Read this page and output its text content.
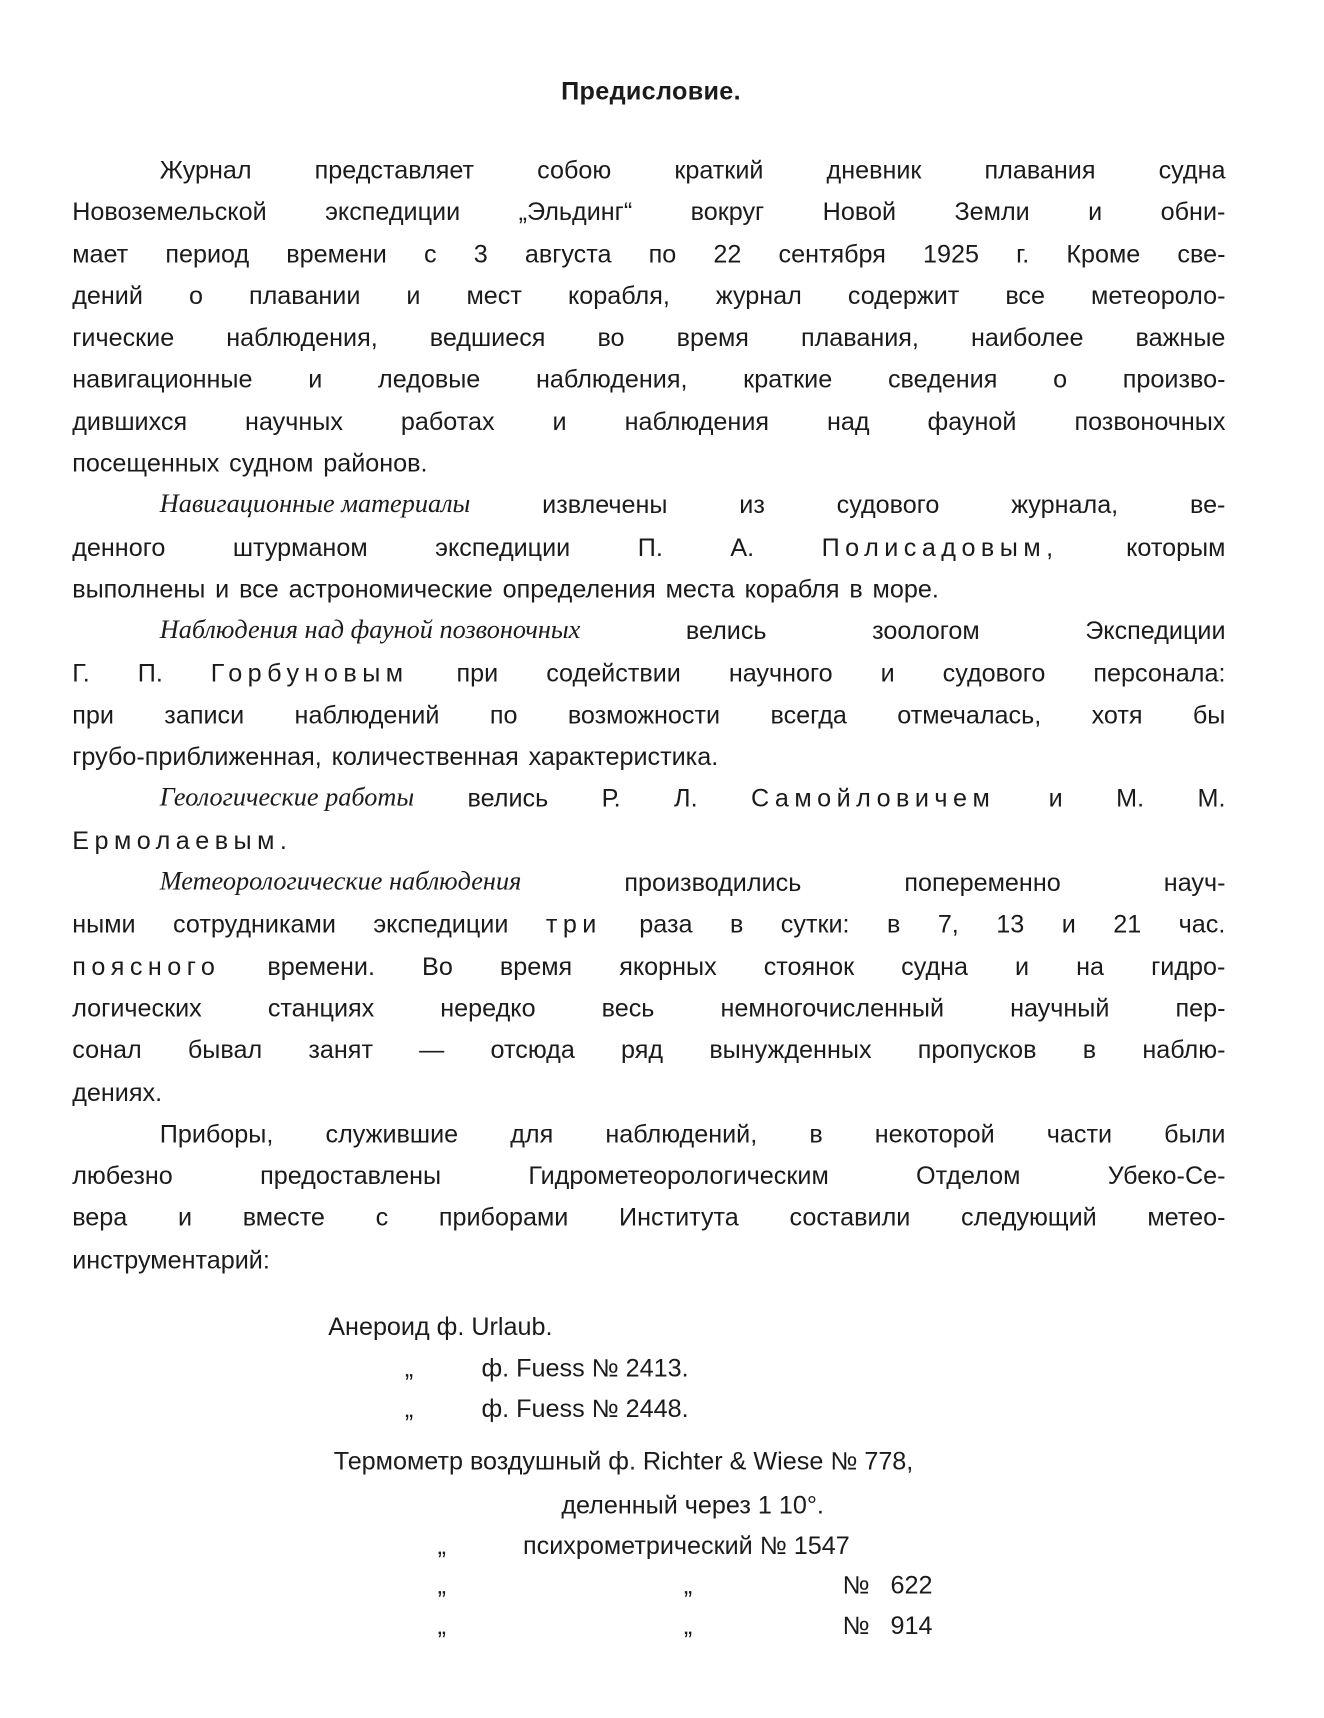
Предисловие.
Журнал	представляет	собою	краткий	дневник	плавания	судна
Новоземельской	экспедиции	„Эльдинг“	вокруг	Новой	Земли	и	обни-
мает период времени с 3 августа по 22 сентября 1925 г. Кроме све-
дений о плавании и мест корабля, журнал содержит все метеороло-
гические наблюдения, ведшиеся во время плавания, наиболее важные
навигационные и ледовые наблюдения, краткие сведения о произво-
дившихся	научных	работах	и	наблюдения	над	фауной	позвоночных
посещенных судном районов.
Навигационные материалы	извлечены	из	судового	журнала,	ве-
денного	штурманом	экспедиции	П.	А.	Полисадовым,	которым
выполнены и все астрономические определения места корабля в море.
Наблюдения над фауной позвоночных	велись	зоологом	Экспедиции
Г. П. Горбуновым при содействии научного и судового персонала:
при записи наблюдений по возможности всегда отмечалась, хотя бы
грубо-приближенная, количественная характеристика.
Геологические работы велись Р. Л. Самойловичем и М. М.
Ермолаевым.
Метеорологические наблюдения	производились	попеременно	науч-
ными сотрудниками экспедиции три раза в сутки: в 7, 13 и 21 час.
поясного времени. Во время якорных стоянок судна и на гидро-
логических	станциях	нередко	весь	немногочисленный	научный	пер-
сонал бывал занят — отсюда ряд вынужденных пропусков в наблю-
дениях.
Приборы, служившие для наблюдений, в некоторой части были
любезно	предоставлены	Гидрометеорологическим	Отделом	Убеко-Се-
вера и вместе с приборами Института составили следующий метео-
инструментарий:
Анероид ф. Urlaub.
„	ф. Fuess № 2413.
„	ф. Fuess № 2448.
Термометр воздушный ф. Richter & Wiese № 778,
деленный через 1 10°.
„	психрометрический № 1547
„	„	№   622
„	„	№   914
